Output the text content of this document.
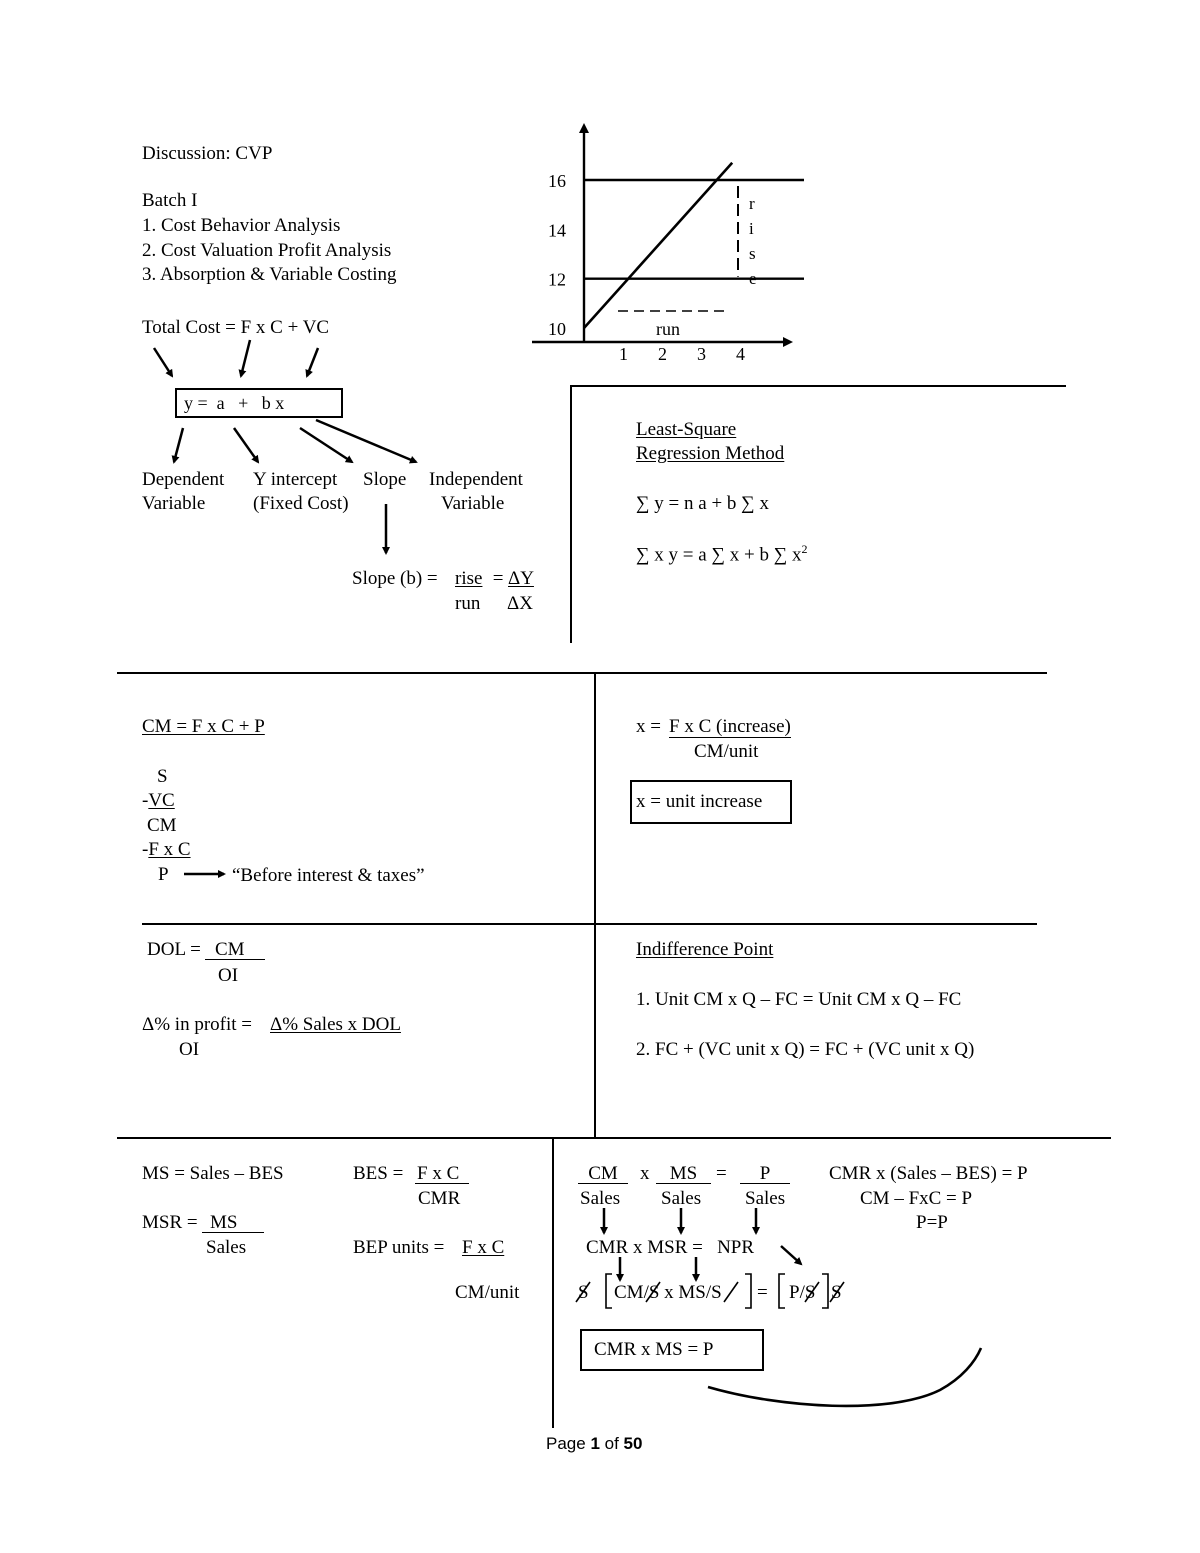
Discussion: CVP
Batch I
1. Cost Behavior Analysis
2. Cost Valuation Profit Analysis
3. Absorption & Variable Costing
Total Cost = F x C + VC
y =  a   +   b x
Dependent
Variable
Y intercept
(Fixed Cost)
Slope Independent
Variable
Slope (b) = rise = ΔY
run ΔX
10
12
14
16
1 2 3 4
r
i
s
e
run
Least-Square
Regression Method
∑ y = n a + b ∑ x
∑ x y = a ∑ x + b ∑ $x^2$
CM = F x C + P
S
-VC
CM
-F x C
P	“Before interest & taxes”
x = F x C (increase)
CM/unit
x = unit increase
DOL = CM
OI
Δ% in profit = Δ% Sales x DOL
OI
Indifference Point
1. Unit CM x Q – FC = Unit CM x Q – FC
2. FC + (VC unit x Q) = FC + (VC unit x Q)
MS = Sales – BES
MSR = MS
Sales
BES = F x C
CMR
BEP units = F x C
CM/unit
CM
Sales
x	MS
Sales
=	P
Sales
CMR x MSR =   NPR
S CM/S x MS/S = P/S S
CMR x MS = P
CMR x (Sales – BES) = P
CM – FxC = P
P=P
Page 1 of 50
